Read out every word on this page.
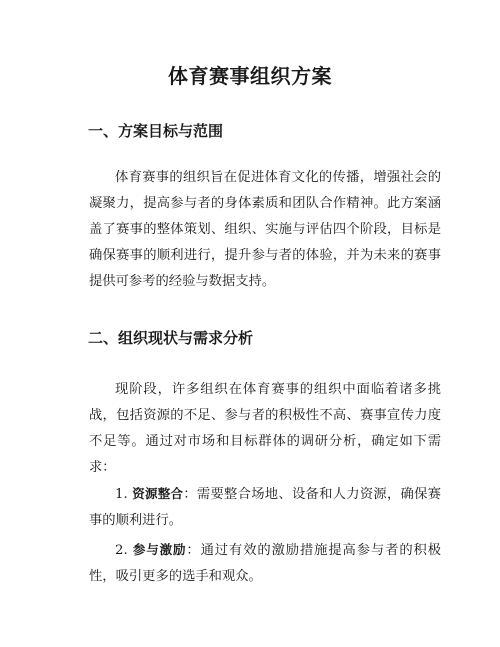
体育赛事组织方案
一、方案目标与范围

体育赛事的组织旨在促进体育文化的传播，增强社会的凝聚力，提高参与者的身体素质和团队合作精神。此方案涵盖了赛事的整体策划、组织、实施与评估四个阶段，目标是确保赛事的顺利进行，提升参与者的体验，并为未来的赛事提供可参考的经验与数据支持。

二、组织现状与需求分析

现阶段，许多组织在体育赛事的组织中面临着诸多挑战，包括资源的不足、参与者的积极性不高、赛事宣传力度不足等。通过对市场和目标群体的调研分析，确定如下需求：

1. 资源整合：需要整合场地、设备和人力资源，确保赛事的顺利进行。

2. 参与激励：通过有效的激励措施提高参与者的积极性，吸引更多的选手和观众。
